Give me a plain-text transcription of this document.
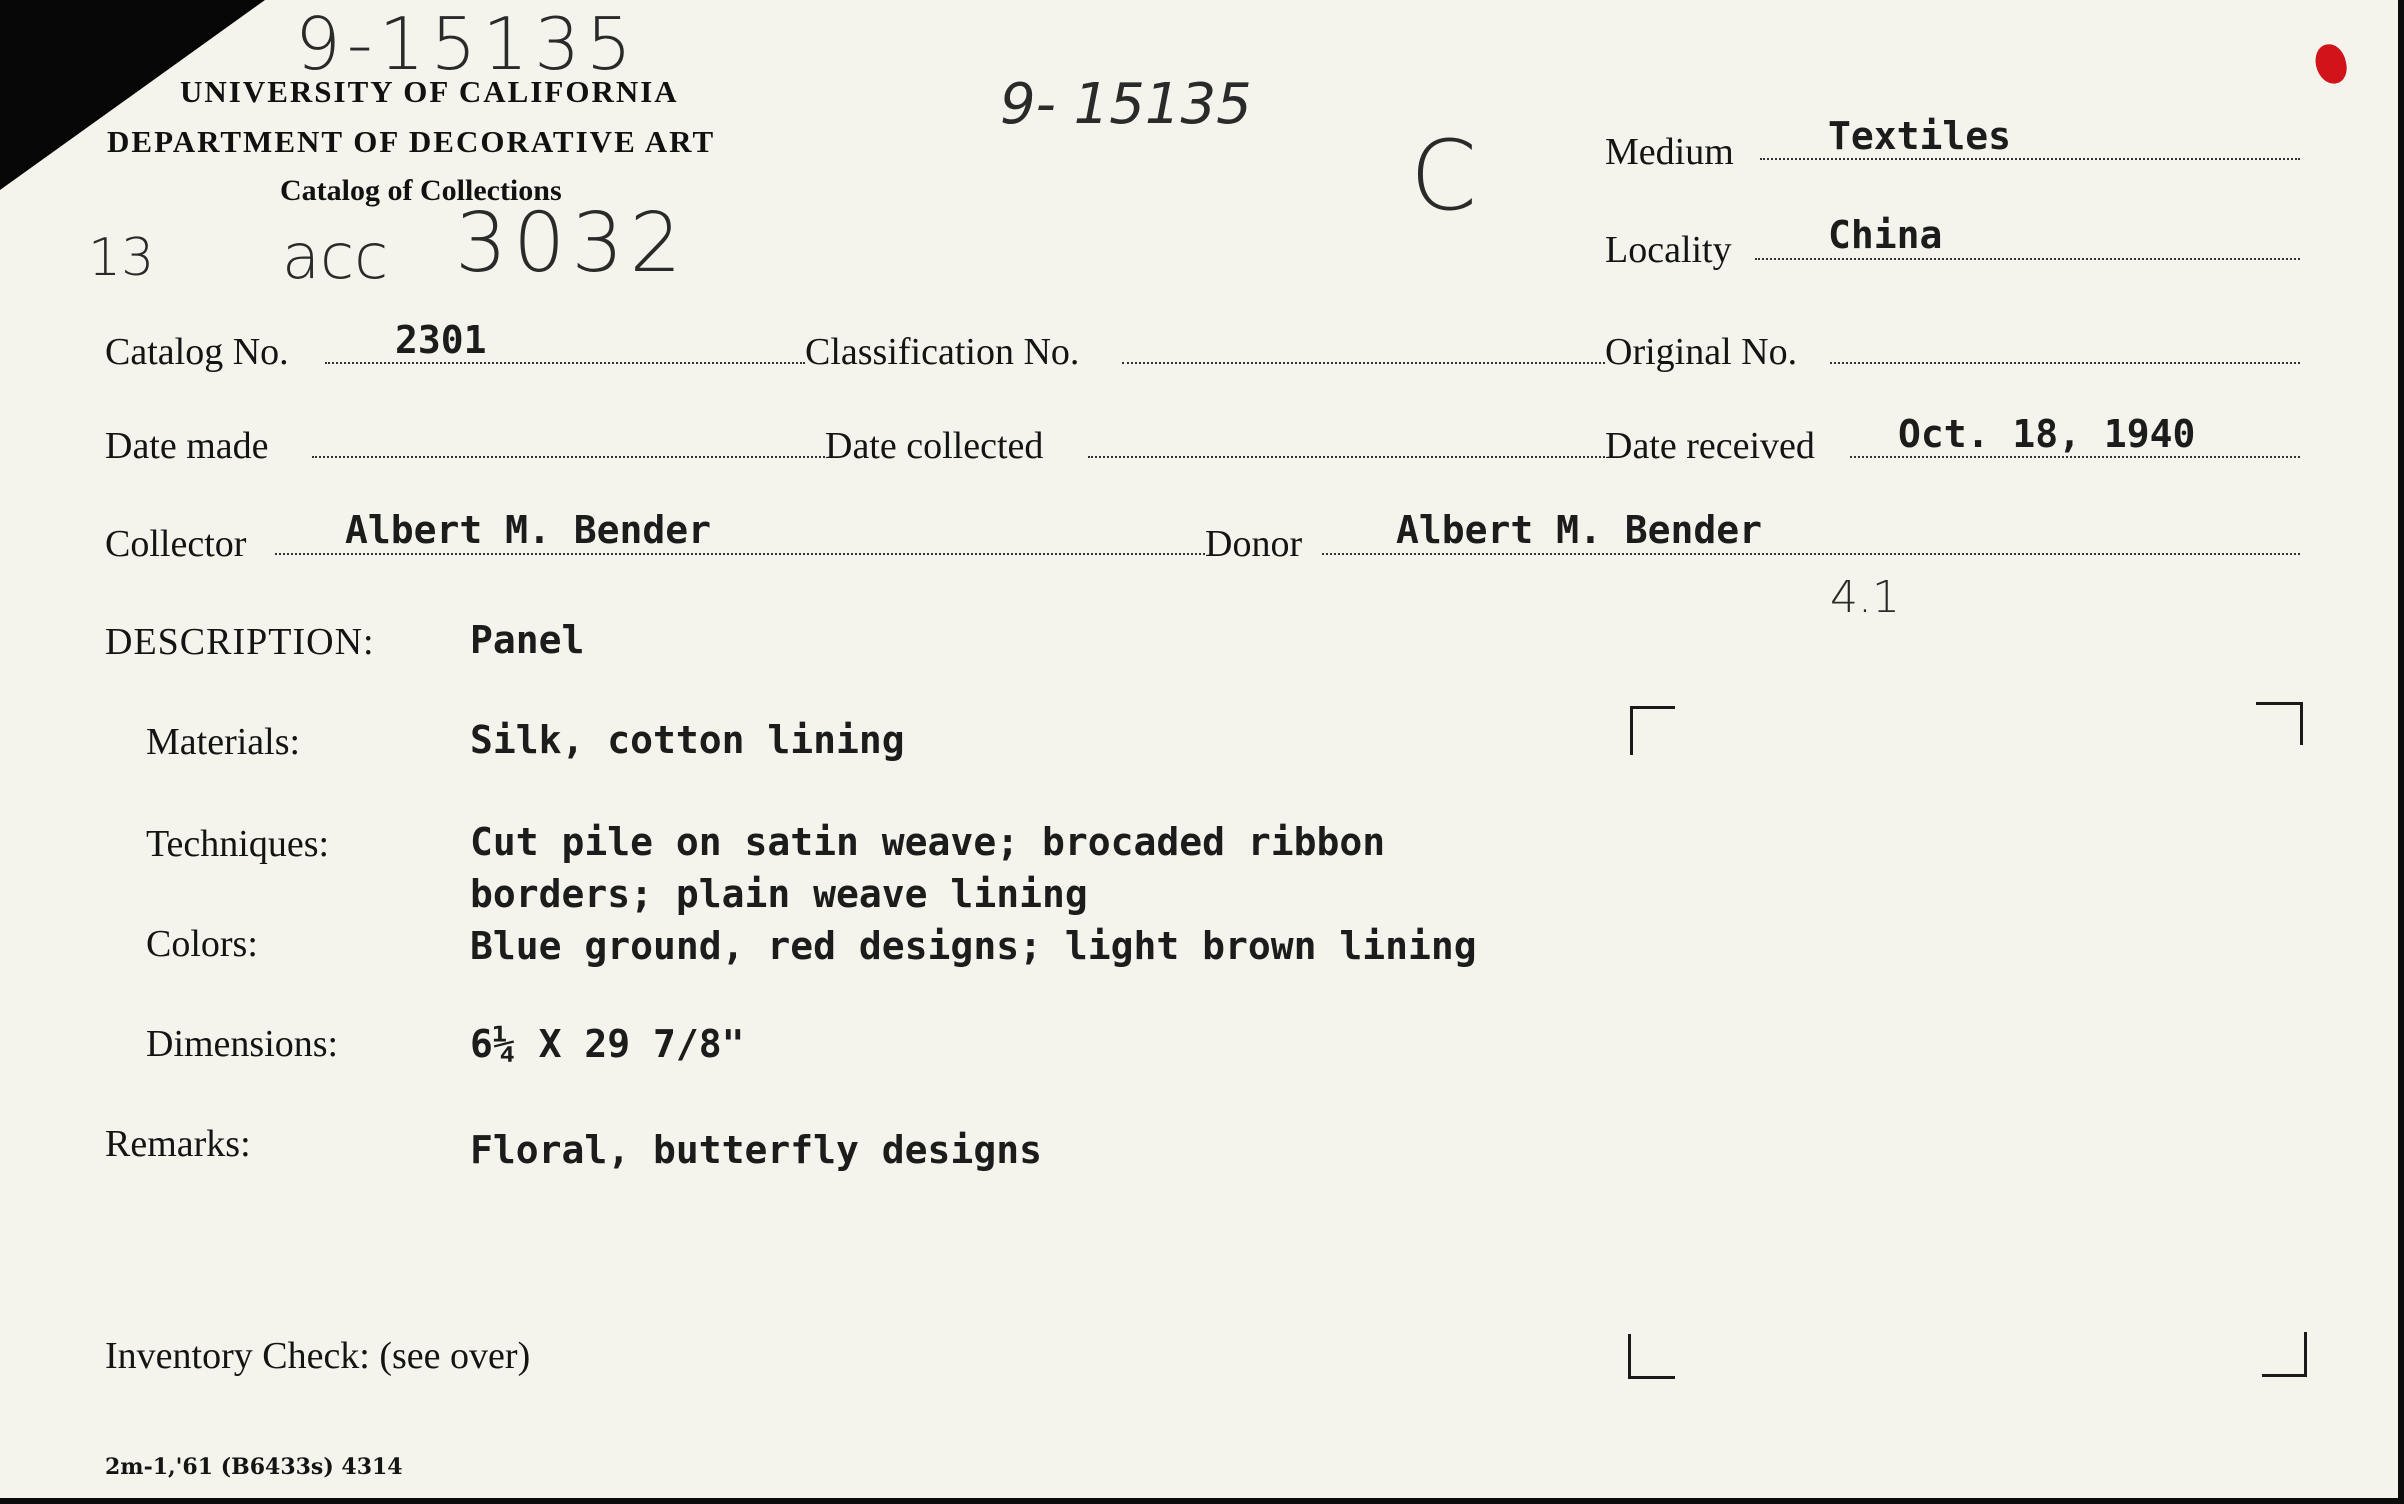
9-15135
9- 15135
C
13 acc 3032
4.1
UNIVERSITY OF CALIFORNIA
DEPARTMENT OF DECORATIVE ART
Catalog of Collections
Medium Textiles
Locality	China
Catalog No.	2301	Classification No.	Original No.
Date made	Date collected	Date received Oct. 18, 1940
Collector	Albert M. Bender	Donor Albert M. Bender
DESCRIPTION:	Panel
Materials:	Silk, cotton lining
Techniques:	Cut pile on satin weave; brocaded ribbon
borders; plain weave lining
Colors:	Blue ground, red designs; light brown lining
Dimensions:	6¼ X 29 7/8"
Remarks:	Floral, butterfly designs
Inventory Check: (see over)
2m-1,'61 (B6433s) 4314
